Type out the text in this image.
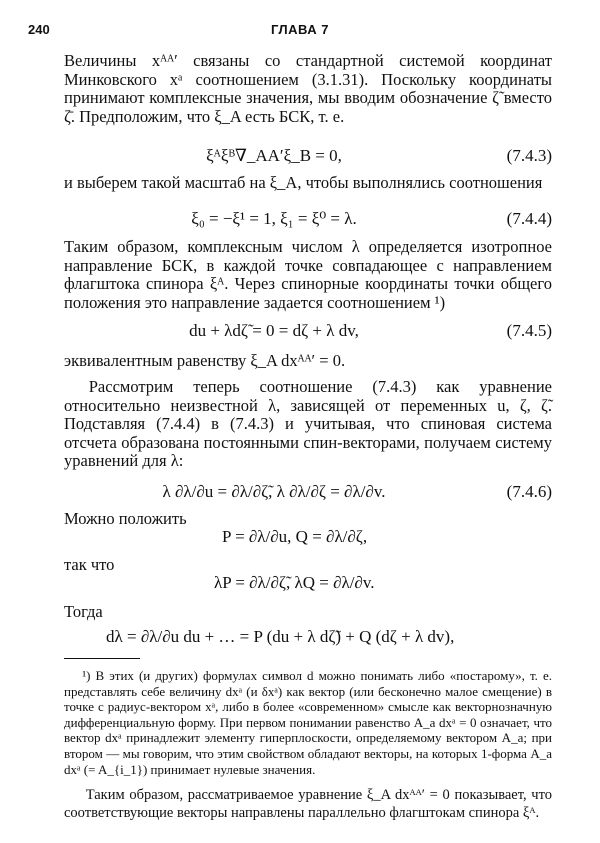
240	ГЛАВА 7

Величины xᴬᴬ′ связаны со стандартной системой координат Минковского xᵃ соотношением (3.1.31). Поскольку координаты принимают комплексные значения, мы вводим обозначение ζ̃ вместо ζ̄. Предположим, что ξ_A есть БСК, т. е.

ξᴬξᴮ∇_AA′ξ_B = 0,	(7.4.3)

и выберем такой масштаб на ξ_A, чтобы выполнялись соотношения

ξ₀ = −ξ¹ = 1, ξ₁ = ξ⁰ = λ.	(7.4.4)

Таким образом, комплексным числом λ определяется изотропное направление БСК, в каждой точке совпадающее с направлением флагштока спинора ξᴬ. Через спинорные координаты точки общего положения это направление задается соотношением ¹)

du + λdζ̃ = 0 = dζ + λ dv,	(7.4.5)

эквивалентным равенству ξ_A dxᴬᴬ′ = 0.

Рассмотрим теперь соотношение (7.4.3) как уравнение относительно неизвестной λ, зависящей от переменных u, ζ, ζ̃. Подставляя (7.4.4) в (7.4.3) и учитывая, что спиновая система отсчета образована постоянными спин-векторами, получаем систему уравнений для λ:

λ ∂λ/∂u = ∂λ/∂ζ̃, λ ∂λ/∂ζ = ∂λ/∂v.	(7.4.6)
Можно положить
P = ∂λ/∂u, Q = ∂λ/∂ζ,
так что
λP = ∂λ/∂ζ̃, λQ = ∂λ/∂v.
Тогда
dλ = ∂λ/∂u du + … = P (du + λ dζ̃) + Q (dζ + λ dv),

¹) В этих (и других) формулах символ d можно понимать либо «постарому», т. е. представлять себе величину dxᵃ (и δxᵃ) как вектор (или бесконечно малое смещение) в точке с радиус-вектором xᵃ, либо в более «современном» смысле как векторнозначную дифференциальную форму. При первом понимании равенство A_a dxᵃ = 0 означает, что вектор dxᵃ принадлежит элементу гиперплоскости, определяемому вектором A_a; при втором — мы говорим, что этим свойством обладают векторы, на которых 1-форма A_a dxᵃ (= A_{i_1}) принимает нулевые значения.

Таким образом, рассматриваемое уравнение ξ_A dxᴬᴬ′ = 0 показывает, что соответствующие векторы направлены параллельно флагштокам спинора ξᴬ.
